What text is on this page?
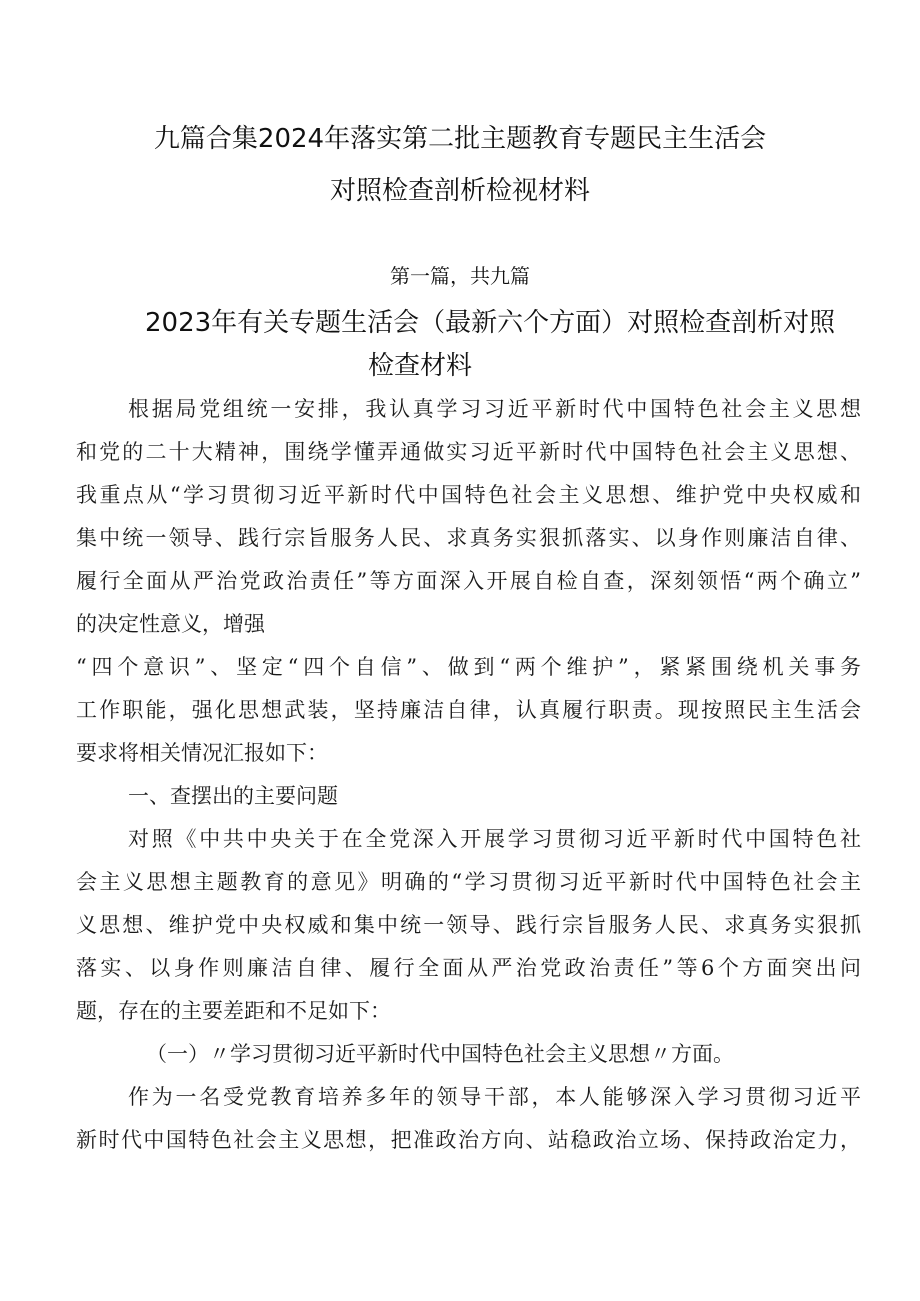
九篇合集2024年落实第二批主题教育专题民主生活会
对照检查剖析检视材料
第一篇，共九篇
2023年有关专题生活会（最新六个方面）对照检查剖析对照
检查材料
根据局党组统一安排，我认真学习习近平新时代中国特色社会主义思想
和党的二十大精神，围绕学懂弄通做实习近平新时代中国特色社会主义思想、
我重点从“学习贯彻习近平新时代中国特色社会主义思想、维护党中央权威和
集中统一领导、践行宗旨服务人民、求真务实狠抓落实、以身作则廉洁自律、
履行全面从严治党政治责任”等方面深入开展自检自查，深刻领悟“两个确立”
的决定性意义，增强
“四个意识”、坚定“四个自信”、做到“两个维护”，紧紧围绕机关事务
工作职能，强化思想武装，坚持廉洁自律，认真履行职责。现按照民主生活会
要求将相关情况汇报如下：
一、查摆出的主要问题
对照《中共中央关于在全党深入开展学习贯彻习近平新时代中国特色社
会主义思想主题教育的意见》明确的“学习贯彻习近平新时代中国特色社会主
义思想、维护党中央权威和集中统一领导、践行宗旨服务人民、求真务实狠抓
落实、以身作则廉洁自律、履行全面从严治党政治责任”等6个方面突出问
题，存在的主要差距和不足如下：
（一）〃学习贯彻习近平新时代中国特色社会主义思想〃方面。
作为一名受党教育培养多年的领导干部，本人能够深入学习贯彻习近平
新时代中国特色社会主义思想，把准政治方向、站稳政治立场、保持政治定力，
